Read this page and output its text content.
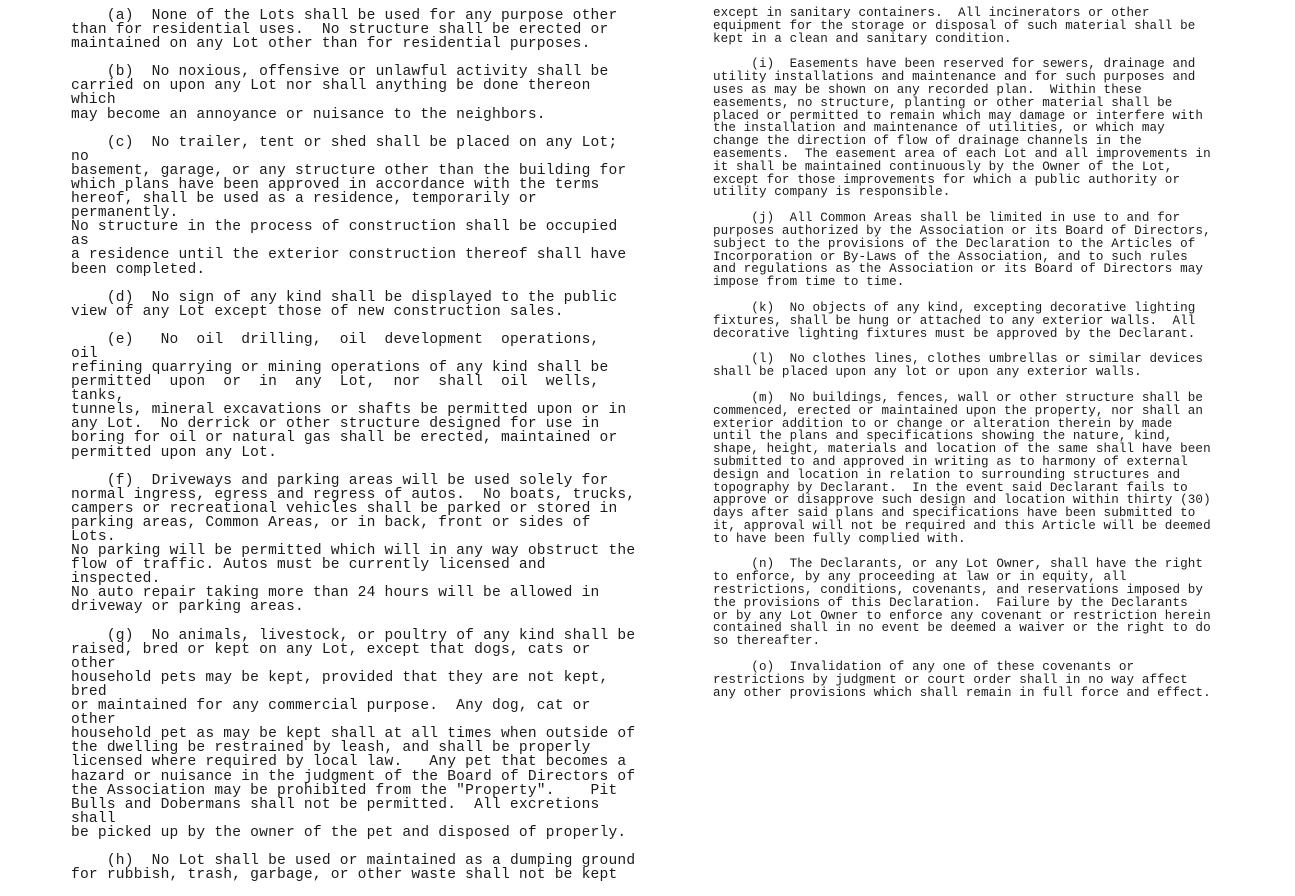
(a)  None of the Lots shall be used for any purpose other
than for residential uses.  No structure shall be erected or
maintained on any Lot other than for residential purposes.

(b)  No noxious, offensive or unlawful activity shall be
carried on upon any Lot nor shall anything be done thereon which
may become an annoyance or nuisance to the neighbors.

(c)  No trailer, tent or shed shall be placed on any Lot; no
basement, garage, or any structure other than the building for
which plans have been approved in accordance with the terms
hereof, shall be used as a residence, temporarily or permanently.
No structure in the process of construction shall be occupied as
a residence until the exterior construction thereof shall have
been completed.

(d)  No sign of any kind shall be displayed to the public
view of any Lot except those of new construction sales.

(e)   No  oil  drilling,  oil  development  operations,  oil
refining quarrying or mining operations of any kind shall be
permitted  upon  or  in  any  Lot,  nor  shall  oil  wells,  tanks,
tunnels, mineral excavations or shafts be permitted upon or in
any Lot.  No derrick or other structure designed for use in
boring for oil or natural gas shall be erected, maintained or
permitted upon any Lot.

(f)  Driveways and parking areas will be used solely for
normal ingress, egress and regress of autos.  No boats, trucks,
campers or recreational vehicles shall be parked or stored in
parking areas, Common Areas, or in back, front or sides of Lots.
No parking will be permitted which will in any way obstruct the
flow of traffic. Autos must be currently licensed and inspected.
No auto repair taking more than 24 hours will be allowed in
driveway or parking areas.

(g)  No animals, livestock, or poultry of any kind shall be
raised, bred or kept on any Lot, except that dogs, cats or other
household pets may be kept, provided that they are not kept, bred
or maintained for any commercial purpose.  Any dog, cat or other
household pet as may be kept shall at all times when outside of
the dwelling be restrained by leash, and shall be properly
licensed where required by local law.   Any pet that becomes a
hazard or nuisance in the judgment of the Board of Directors of
the Association may be prohibited from the "Property".    Pit
Bulls and Dobermans shall not be permitted.  All excretions shall
be picked up by the owner of the pet and disposed of properly.

(h)  No Lot shall be used or maintained as a dumping ground
for rubbish, trash, garbage, or other waste shall not be kept

except in sanitary containers.  All incinerators or other
equipment for the storage or disposal of such material shall be
kept in a clean and sanitary condition.

(i)  Easements have been reserved for sewers, drainage and
utility installations and maintenance and for such purposes and
uses as may be shown on any recorded plan.  Within these
easements, no structure, planting or other material shall be
placed or permitted to remain which may damage or interfere with
the installation and maintenance of utilities, or which may
change the direction of flow of drainage channels in the
easements.  The easement area of each Lot and all improvements in
it shall be maintained continuously by the Owner of the Lot,
except for those improvements for which a public authority or
utility company is responsible.

(j)  All Common Areas shall be limited in use to and for
purposes authorized by the Association or its Board of Directors,
subject to the provisions of the Declaration to the Articles of
Incorporation or By-Laws of the Association, and to such rules
and regulations as the Association or its Board of Directors may
impose from time to time.

(k)  No objects of any kind, excepting decorative lighting
fixtures, shall be hung or attached to any exterior walls.  All
decorative lighting fixtures must be approved by the Declarant.

(l)  No clothes lines, clothes umbrellas or similar devices
shall be placed upon any lot or upon any exterior walls.

(m)  No buildings, fences, wall or other structure shall be
commenced, erected or maintained upon the property, nor shall an
exterior addition to or change or alteration therein by made
until the plans and specifications showing the nature, kind,
shape, height, materials and location of the same shall have been
submitted to and approved in writing as to harmony of external
design and location in relation to surrounding structures and
topography by Declarant.  In the event said Declarant fails to
approve or disapprove such design and location within thirty (30)
days after said plans and specifications have been submitted to
it, approval will not be required and this Article will be deemed
to have been fully complied with.

(n)  The Declarants, or any Lot Owner, shall have the right
to enforce, by any proceeding at law or in equity, all
restrictions, conditions, covenants, and reservations imposed by
the provisions of this Declaration.  Failure by the Declarants
or by any Lot Owner to enforce any covenant or restriction herein
contained shall in no event be deemed a waiver or the right to do
so thereafter.

(o)  Invalidation of any one of these covenants or
restrictions by judgment or court order shall in no way affect
any other provisions which shall remain in full force and effect.
